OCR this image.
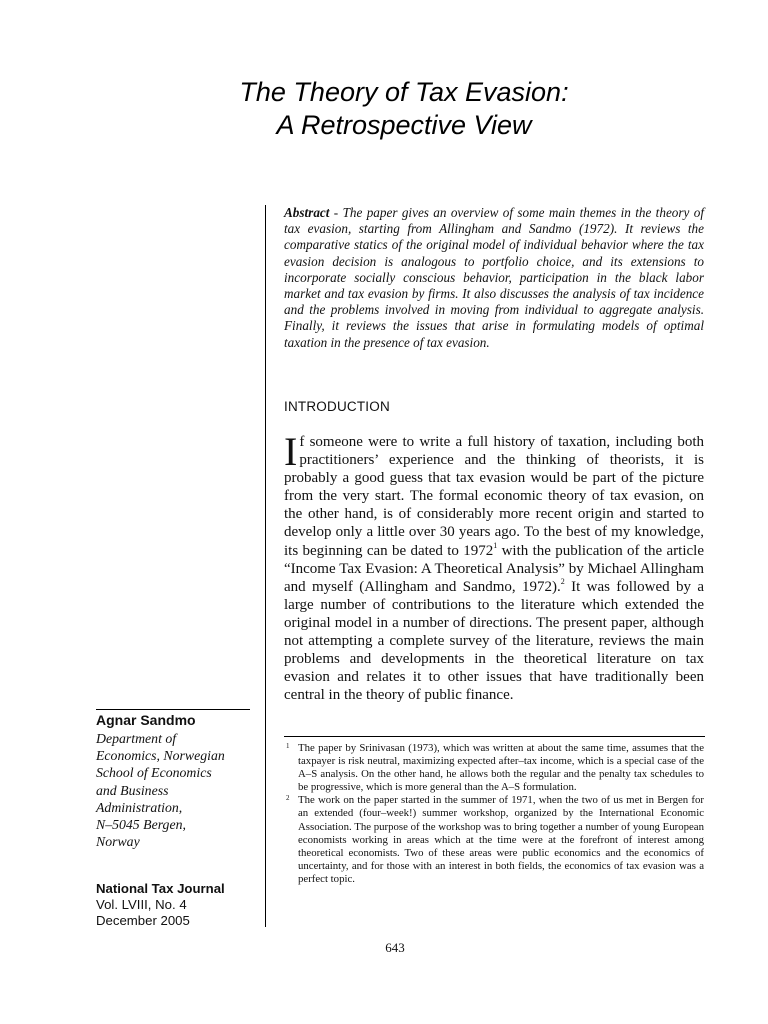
The Theory of Tax Evasion:
A Retrospective View
Abstract - The paper gives an overview of some main themes in the theory of tax evasion, starting from Allingham and Sandmo (1972). It reviews the comparative statics of the original model of individual behavior where the tax evasion decision is analogous to portfolio choice, and its extensions to incorporate socially conscious behavior, participation in the black labor market and tax evasion by firms. It also discusses the analysis of tax incidence and the problems involved in moving from individual to aggregate analysis. Finally, it reviews the issues that arise in formulating models of optimal taxation in the presence of tax evasion.
INTRODUCTION
If someone were to write a full history of taxation, including both practitioners’ experience and the thinking of theorists, it is probably a good guess that tax evasion would be part of the picture from the very start. The formal economic theory of tax evasion, on the other hand, is of considerably more recent origin and started to develop only a little over 30 years ago. To the best of my knowledge, its beginning can be dated to 1972$^1$ with the publication of the article “Income Tax Evasion: A Theoretical Analysis” by Michael Allingham and myself (Allingham and Sandmo, 1972).$^2$ It was followed by a large number of contributions to the literature which extended the original model in a number of directions. The present paper, although not attempting a complete survey of the literature, reviews the main problems and developments in the theoretical literature on tax evasion and relates it to other issues that have traditionally been central in the theory of public finance.
1 The paper by Srinivasan (1973), which was written at about the same time, assumes that the taxpayer is risk neutral, maximizing expected after–tax income, which is a special case of the A–S analysis. On the other hand, he allows both the regular and the penalty tax schedules to be progressive, which is more general than the A–S formulation.
2 The work on the paper started in the summer of 1971, when the two of us met in Bergen for an extended (four–week!) summer workshop, organized by the International Economic Association. The purpose of the workshop was to bring together a number of young European economists working in areas which at the time were at the forefront of interest among theoretical economists. Two of these areas were public economics and the economics of uncertainty, and for those with an interest in both fields, the economics of tax evasion was a perfect topic.
643
Agnar Sandmo
Department of
Economics, Norwegian
School of Economics
and Business
Administration,
N–5045 Bergen,
Norway
National Tax Journal
Vol. LVIII, No. 4
December 2005
